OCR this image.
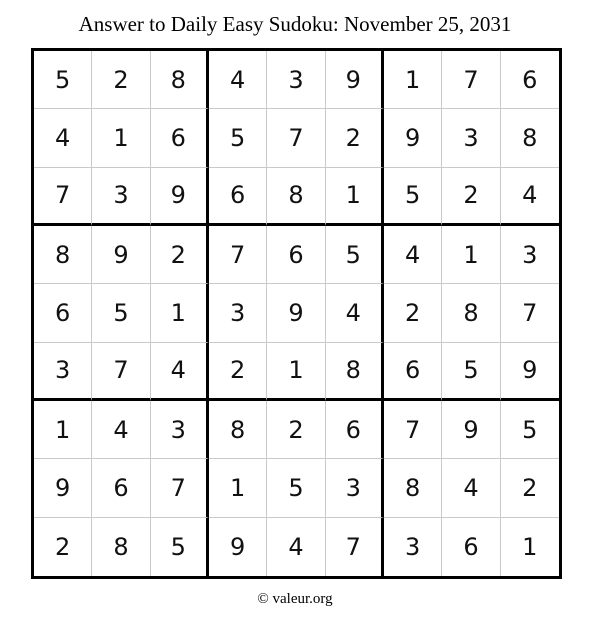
Answer to Daily Easy Sudoku: November 25, 2031
5	2	8	4	3	9	1	7	6
4	1	6	5	7	2	9	3	8
7	3	9	6	8	1	5	2	4
8	9	2	7	6	5	4	1	3
6	5	1	3	9	4	2	8	7
3	7	4	2	1	8	6	5	9
1	4	3	8	2	6	7	9	5
9	6	7	1	5	3	8	4	2
2	8	5	9	4	7	3	6	1
© valeur.org
